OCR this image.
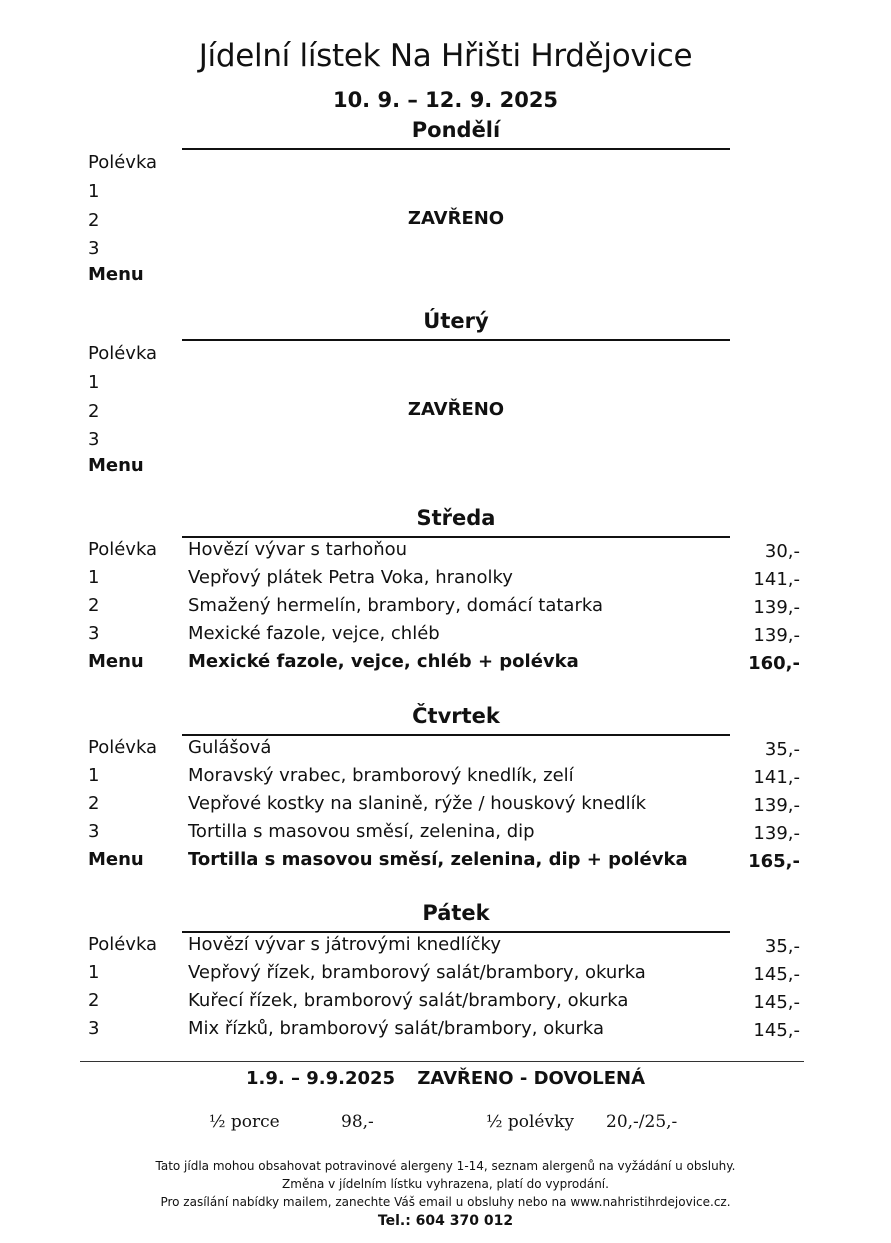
Jídelní lístek Na Hřišti Hrdějovice
10. 9. – 12. 9. 2025
Pondělí
Polévka
1
2
3
Menu
ZAVŘENO
Úterý
Polévka
1
2
3
Menu
ZAVŘENO
Středa
Polévka Hovězí vývar s tarhoňou	30,-
1	Vepřový plátek Petra Voka, hranolky	141,-
2	Smažený hermelín, brambory, domácí tatarka	139,-
3	Mexické fazole, vejce, chléb	139,-
Menu Mexické fazole, vejce, chléb + polévka	160,-
Čtvrtek
Polévka Gulášová	35,-
1	Moravský vrabec, bramborový knedlík, zelí	141,-
2	Vepřové kostky na slanině, rýže / houskový knedlík	139,-
3	Tortilla s masovou směsí, zelenina, dip	139,-
Menu Tortilla s masovou směsí, zelenina, dip + polévka	165,-
Pátek
Polévka Hovězí vývar s játrovými knedlíčky	35,-
1	Vepřový řízek, bramborový salát/brambory, okurka	145,-
2	Kuřecí řízek, bramborový salát/brambory, okurka	145,-
3	Mix řízků, bramborový salát/brambory, okurka	145,-
1.9. – 9.9.2025 ZAVŘENO - DOVOLENÁ
½ porce	98,-	½ polévky 20,-/25,-
Tato jídla mohou obsahovat potravinové alergeny 1-14, seznam alergenů na vyžádání u obsluhy.
Změna v jídelním lístku vyhrazena, platí do vyprodání.
Pro zasílání nabídky mailem, zanechte Váš email u obsluhy nebo na www.nahristihrdejovice.cz.
Tel.: 604 370 012
